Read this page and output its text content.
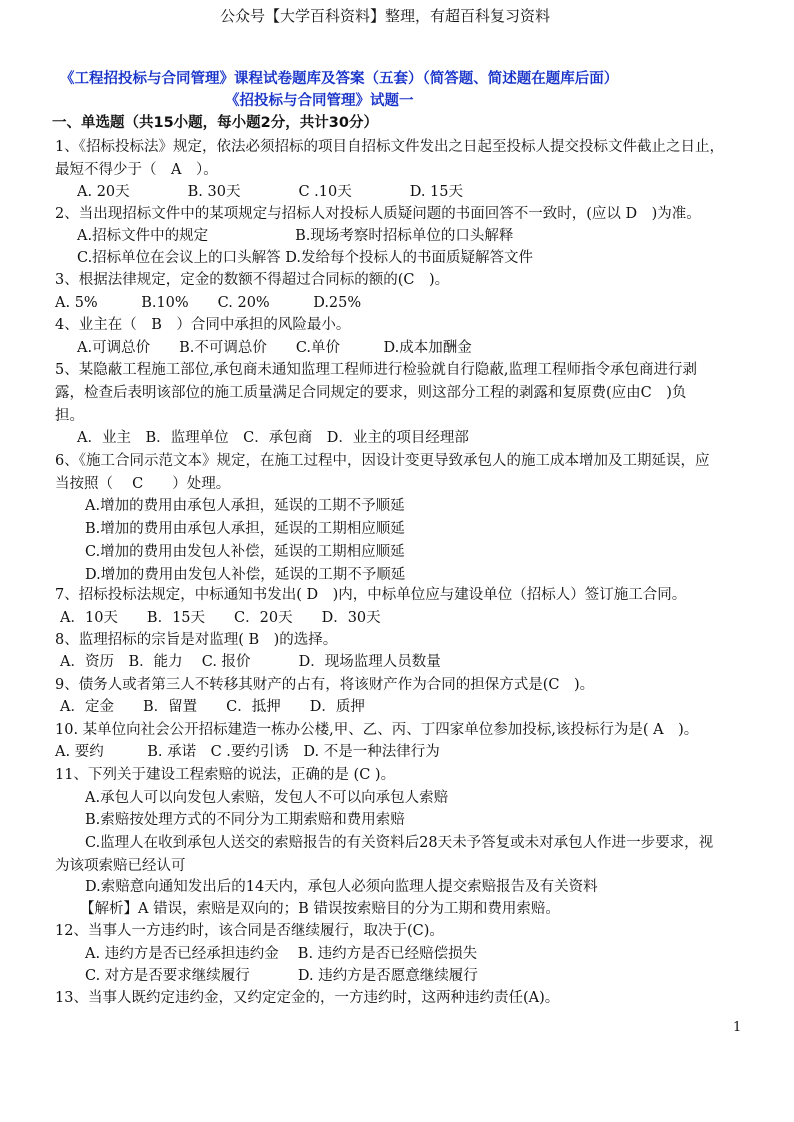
公众号【大学百科资料】整理，有超百科复习资料
《工程招投标与合同管理》课程试卷题库及答案（五套）（简答题、简述题在题库后面）
《招投标与合同管理》试题一
一、单选题（共15小题，每小题2分，共计30分）
1、《招标投标法》规定，依法必须招标的项目自招标文件发出之日起至投标人提交投标文件截止之日止，
最短不得少于（　A　）。
A. 20天　　　　B. 30天　　　　C .10天　　　　D. 15天
2、当出现招标文件中的某项规定与招标人对投标人质疑问题的书面回答不一致时，(应以 D　)为准。
A.招标文件中的规定　　　　　　B.现场考察时招标单位的口头解释
C.招标单位在会议上的口头解答 D.发给每个投标人的书面质疑解答文件
3、根据法律规定，定金的数额不得超过合同标的额的(C　)。
A. 5%　　　B.10%　　C. 20%　　　D.25%
4、业主在（　B　）合同中承担的风险最小。
A.可调总价　　B.不可调总价　　C.单价　　　D.成本加酬金
5、某隐蔽工程施工部位,承包商未通知监理工程师进行检验就自行隐蔽,监理工程师指令承包商进行剥
露，检查后表明该部位的施工质量满足合同规定的要求，则这部分工程的剥露和复原费(应由C　)负
担。
A．业主　B．监理单位　C．承包商　D．业主的项目经理部
6、《施工合同示范文本》规定，在施工过程中，因设计变更导致承包人的施工成本增加及工期延误，应
当按照（　 C　　）处理。
A.增加的费用由承包人承担，延误的工期不予顺延
B.增加的费用由承包人承担，延误的工期相应顺延
C.增加的费用由发包人补偿，延误的工期相应顺延
D.增加的费用由发包人补偿，延误的工期不予顺延
7、招标投标法规定，中标通知书发出( D　)内，中标单位应与建设单位（招标人）签订施工合同。
A．10天　　B．15天　　C．20天　　D．30天
8、监理招标的宗旨是对监理( B　)的选择。
A．资历　B．能力　 C. 报价　　　 D．现场监理人员数量
9、债务人或者第三人不转移其财产的占有，将该财产作为合同的担保方式是(C　)。
A．定金　　B．留置　　C．抵押　　D．质押
10. 某单位向社会公开招标建造一栋办公楼,甲、乙、丙、丁四家单位参加投标,该投标行为是( A　)。
A. 要约　　　B. 承诺　C .要约引诱　D. 不是一种法律行为
11、下列关于建设工程索赔的说法，正确的是 (C )。
A.承包人可以向发包人索赔，发包人不可以向承包人索赔
B.索赔按处理方式的不同分为工期索赔和费用索赔
C.监理人在收到承包人送交的索赔报告的有关资料后28天未予答复或未对承包人作进一步要求，视
为该项索赔已经认可
D.索赔意向通知发出后的14天内，承包人必须向监理人提交索赔报告及有关资料
【解析】A 错误，索赔是双向的；B 错误按索赔目的分为工期和费用索赔。
12、当事人一方违约时，该合同是否继续履行，取决于(C)。
A. 违约方是否已经承担违约金　 B. 违约方是否已经赔偿损失
C. 对方是否要求继续履行　　　 D. 违约方是否愿意继续履行
13、当事人既约定违约金，又约定定金的，一方违约时，这两种违约责任(A)。
1
